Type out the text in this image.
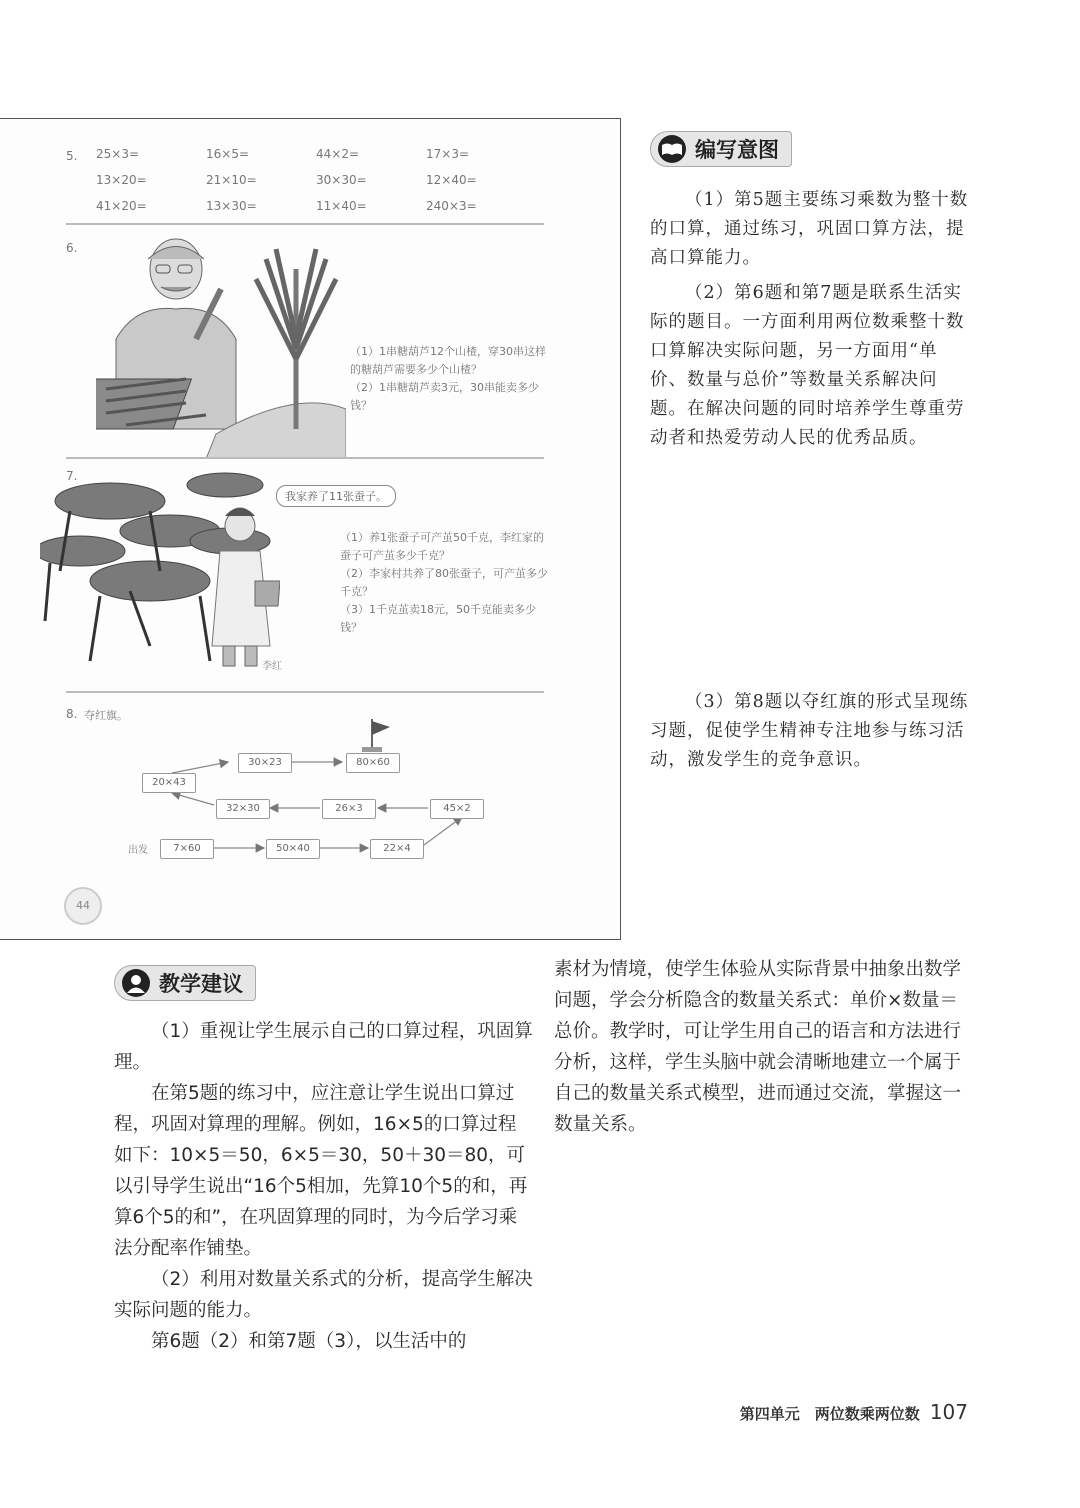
5. 25×3=	16×5=	44×2=	17×3=
13×20=	21×10=	30×30=	12×40=
41×20=	13×30=	11×40=	240×3=
6.
（1）1串糖葫芦12个山楂，穿30串这样的糖葫芦需要多少个山楂？
（2）1串糖葫芦卖3元，30串能卖多少钱？
7.
我家养了11张蚕子。
（1）养1张蚕子可产茧50千克，李红家的蚕子可产茧多少千克？
（2）李家村共养了80张蚕子，可产茧多少千克？
（3）1千克茧卖18元，50千克能卖多少钱？
李红
8. 夺红旗。
出发	7×60	50×40	22×4
45×2
26×3
32×30
20×43
30×23	80×60
44
编写意图

（1）第5题主要练习乘数为整十数的口算，通过练习，巩固口算方法，提高口算能力。

（2）第6题和第7题是联系生活实际的题目。一方面利用两位数乘整十数口算解决实际问题，另一方面用“单价、数量与总价”等数量关系解决问题。在解决问题的同时培养学生尊重劳动者和热爱劳动人民的优秀品质。

（3）第8题以夺红旗的形式呈现练习题，促使学生精神专注地参与练习活动，激发学生的竞争意识。

教学建议

（1）重视让学生展示自己的口算过程，巩固算理。

在第5题的练习中，应注意让学生说出口算过程，巩固对算理的理解。例如，16×5的口算过程如下：10×5＝50，6×5＝30，50＋30＝80，可以引导学生说出“16个5相加，先算10个5的和，再算6个5的和”，在巩固算理的同时，为今后学习乘法分配率作铺垫。

（2）利用对数量关系式的分析，提高学生解决实际问题的能力。

第6题（2）和第7题（3），以生活中的

素材为情境，使学生体验从实际背景中抽象出数学问题，学会分析隐含的数量关系式：单价×数量＝总价。教学时，可让学生用自己的语言和方法进行分析，这样，学生头脑中就会清晰地建立一个属于自己的数量关系式模型，进而通过交流，掌握这一数量关系。

第四单元　两位数乘两位数 107
